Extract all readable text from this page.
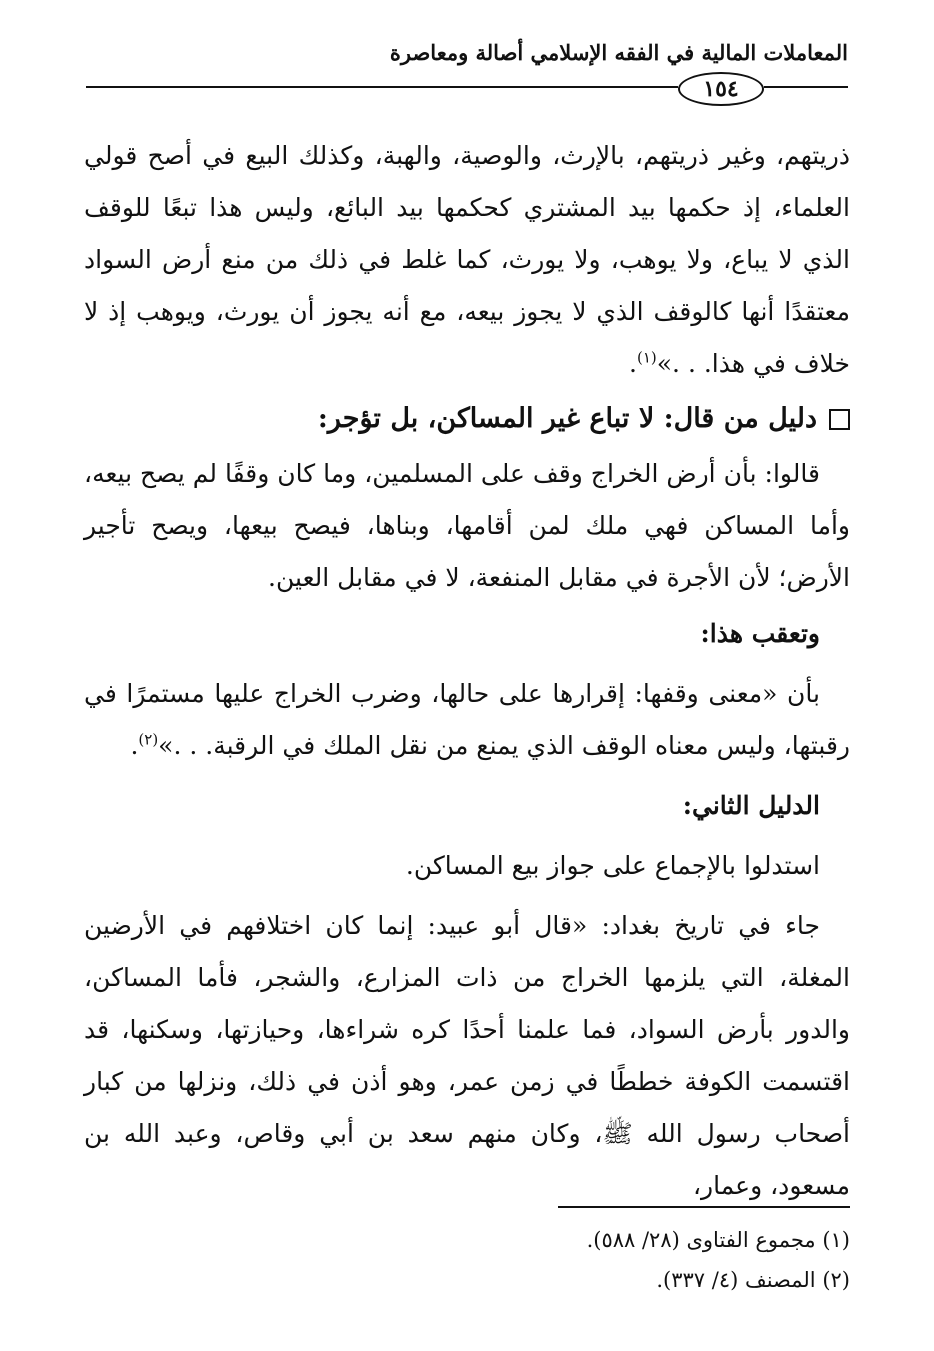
المعاملات المالية في الفقه الإسلامي أصالة ومعاصرة
١٥٤

ذريتهم، وغير ذريتهم، بالإرث، والوصية، والهبة، وكذلك البيع في أصح قولي العلماء، إذ حكمها بيد المشتري كحكمها بيد البائع، وليس هذا تبعًا للوقف الذي لا يباع، ولا يوهب، ولا يورث، كما غلط في ذلك من منع أرض السواد معتقدًا أنها كالوقف الذي لا يجوز بيعه، مع أنه يجوز أن يورث، ويوهب إذ لا خلاف في هذا. . .»$^{(١)}$.

دليل من قال: لا تباع غير المساكن، بل تؤجر:

قالوا: بأن أرض الخراج وقف على المسلمين، وما كان وقفًا لم يصح بيعه، وأما المساكن فهي ملك لمن أقامها، وبناها، فيصح بيعها، ويصح تأجير الأرض؛ لأن الأجرة في مقابل المنفعة، لا في مقابل العين.

وتعقب هذا:

بأن «معنى وقفها: إقرارها على حالها، وضرب الخراج عليها مستمرًا في رقبتها، وليس معناه الوقف الذي يمنع من نقل الملك في الرقبة. . .»$^{(٢)}$.

الدليل الثاني:

استدلوا بالإجماع على جواز بيع المساكن.

جاء في تاريخ بغداد: «قال أبو عبيد: إنما كان اختلافهم في الأرضين المغلة، التي يلزمها الخراج من ذات المزارع، والشجر، فأما المساكن، والدور بأرض السواد، فما علمنا أحدًا كره شراءها، وحيازتها، وسكنها، قد اقتسمت الكوفة خططًا في زمن عمر، وهو أذن في ذلك، ونزلها من كبار أصحاب رسول الله ﷺ، وكان منهم سعد بن أبي وقاص، وعبد الله بن مسعود، وعمار،

(١) مجموع الفتاوى (٢٨/ ٥٨٨).

(٢) المصنف (٤/ ٣٣٧).
